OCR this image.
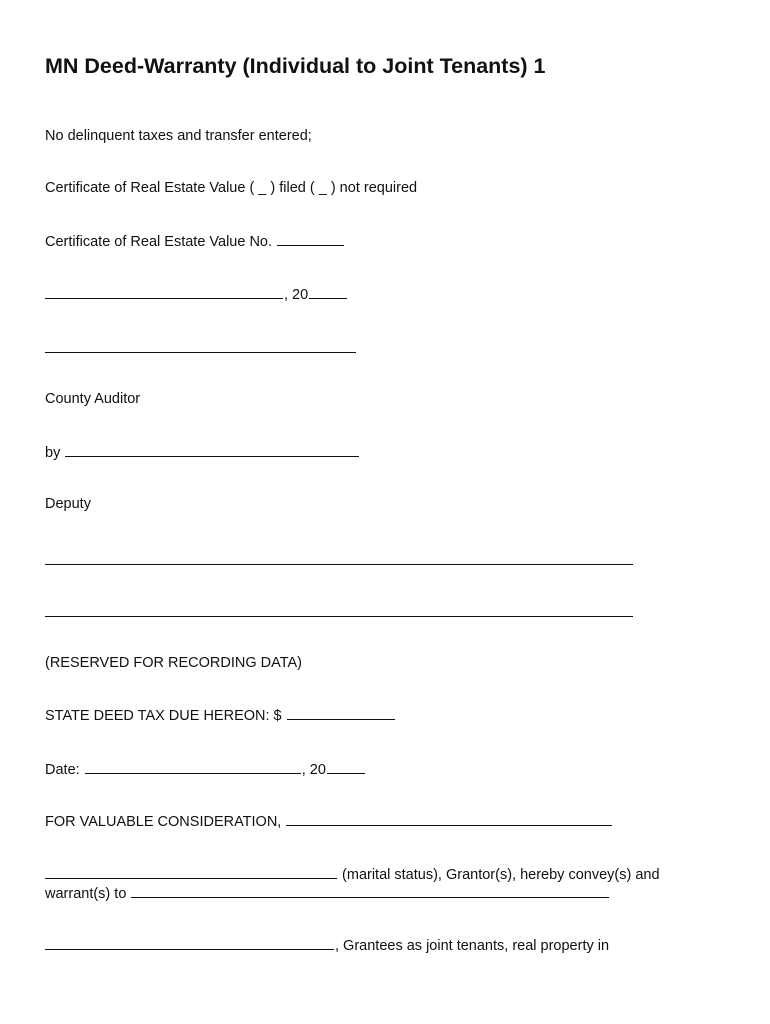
MN Deed-Warranty (Individual to Joint Tenants) 1
No delinquent taxes and transfer entered;
Certificate of Real Estate Value ( _ ) filed ( _ ) not required
Certificate of Real Estate Value No.
, 20
County Auditor
by
Deputy
(RESERVED FOR RECORDING DATA)
STATE DEED TAX DUE HEREON: $
Date:	, 20
FOR VALUABLE CONSIDERATION,
(marital status), Grantor(s), hereby convey(s) and
warrant(s) to
, Grantees as joint tenants, real property in
